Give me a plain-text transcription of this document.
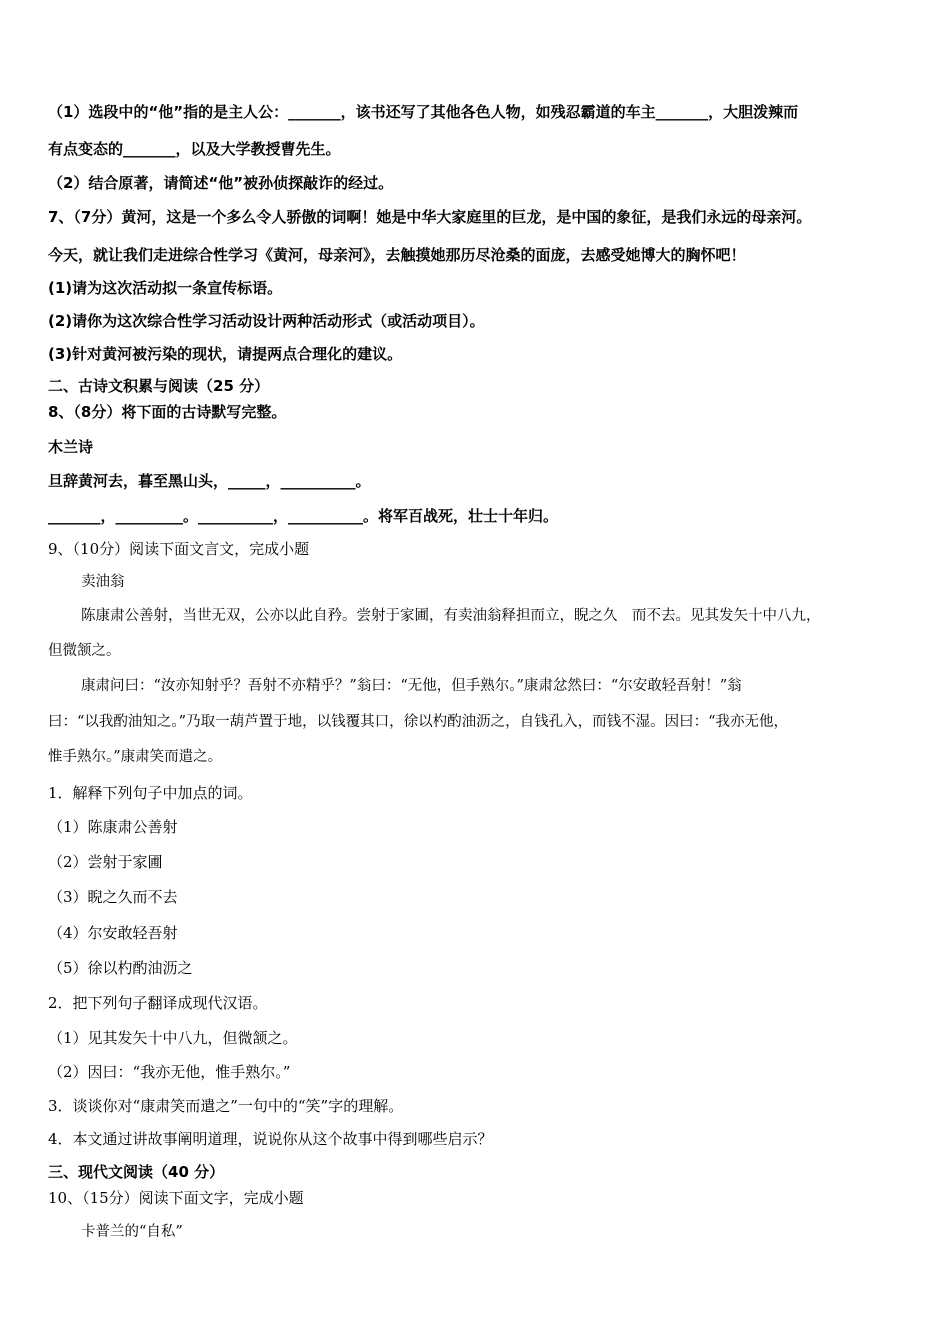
（1）选段中的“他”指的是主人公：_______，该书还写了其他各色人物，如残忍霸道的车主_______，大胆泼辣而
有点变态的_______，以及大学教授曹先生。
（2）结合原著，请简述“他”被孙侦探敲诈的经过。
7、（7分）黄河，这是一个多么令人骄傲的词啊！她是中华大家庭里的巨龙，是中国的象征，是我们永远的母亲河。
今天，就让我们走进综合性学习《黄河，母亲河》，去触摸她那历尽沧桑的面庞，去感受她博大的胸怀吧！
(1)请为这次活动拟一条宣传标语。
(2)请你为这次综合性学习活动设计两种活动形式（或活动项目）。
(3)针对黄河被污染的现状，请提两点合理化的建议。
二、古诗文积累与阅读（25 分）
8、（8分）将下面的古诗默写完整。
木兰诗
旦辞黄河去，暮至黑山头，_____，__________。
_______，_________。__________，__________。将军百战死，壮士十年归。
9、（10分）阅读下面文言文，完成小题
卖油翁
陈康肃公善射，当世无双，公亦以此自矜。尝射于家圃，有卖油翁释担而立，睨之久　而不去。见其发矢十中八九，
但微颔之。
康肃问曰：“汝亦知射乎？吾射不亦精乎？”翁曰：“无他，但手熟尔。”康肃忿然曰：“尔安敢轻吾射！”翁
曰：“以我酌油知之。”乃取一葫芦置于地，以钱覆其口，徐以杓酌油沥之，自钱孔入，而钱不湿。因曰：“我亦无他，
惟手熟尔。”康肃笑而遣之。
1．解释下列句子中加点的词。
（1）陈康肃公善射
（2）尝射于家圃
（3）睨之久而不去
（4）尔安敢轻吾射
（5）徐以杓酌油沥之
2．把下列句子翻译成现代汉语。
（1）见其发矢十中八九，但微颔之。
（2）因曰：“我亦无他，惟手熟尔。”
3．谈谈你对“康肃笑而遣之”一句中的“笑”字的理解。
4．本文通过讲故事阐明道理，说说你从这个故事中得到哪些启示？
三、现代文阅读（40 分）
10、（15分）阅读下面文字，完成小题
卡普兰的“自私”
